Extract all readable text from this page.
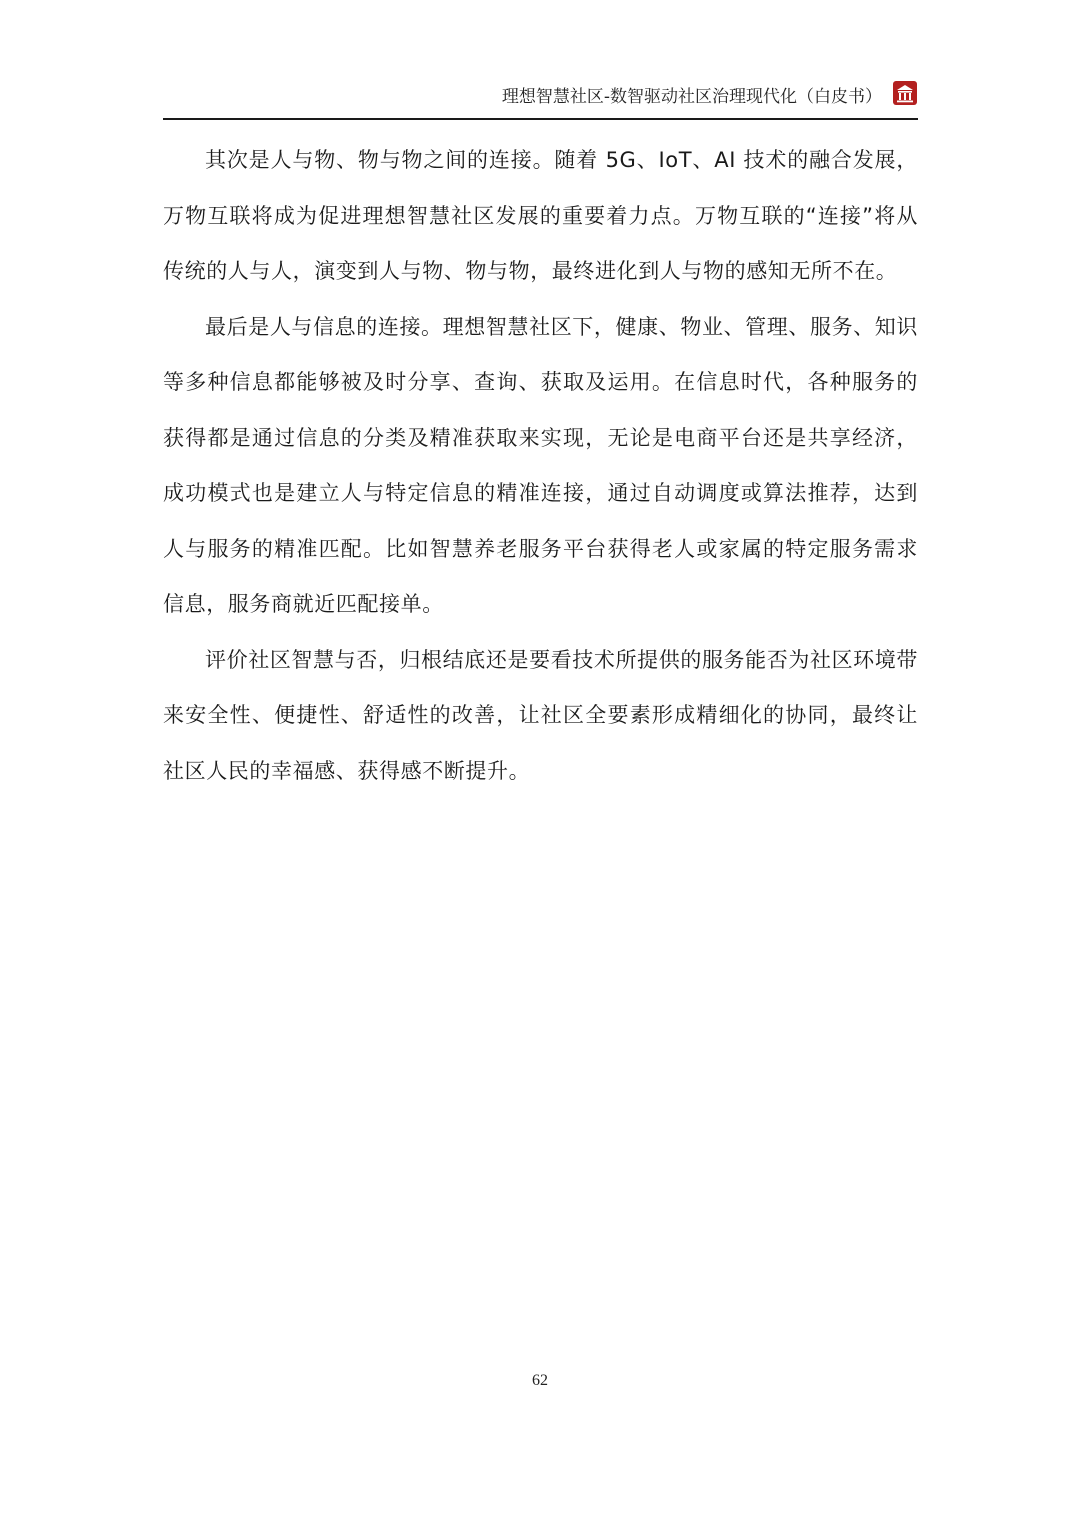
理想智慧社区-数智驱动社区治理现代化（白皮书）

其次是人与物、物与物之间的连接。随着 5G、IoT、AI 技术的融合发展，万物互联将成为促进理想智慧社区发展的重要着力点。万物互联的“连接”将从传统的人与人，演变到人与物、物与物，最终进化到人与物的感知无所不在。

最后是人与信息的连接。理想智慧社区下，健康、物业、管理、服务、知识等多种信息都能够被及时分享、查询、获取及运用。在信息时代，各种服务的获得都是通过信息的分类及精准获取来实现，无论是电商平台还是共享经济，成功模式也是建立人与特定信息的精准连接，通过自动调度或算法推荐，达到人与服务的精准匹配。比如智慧养老服务平台获得老人或家属的特定服务需求信息，服务商就近匹配接单。

评价社区智慧与否，归根结底还是要看技术所提供的服务能否为社区环境带来安全性、便捷性、舒适性的改善，让社区全要素形成精细化的协同，最终让社区人民的幸福感、获得感不断提升。

62
